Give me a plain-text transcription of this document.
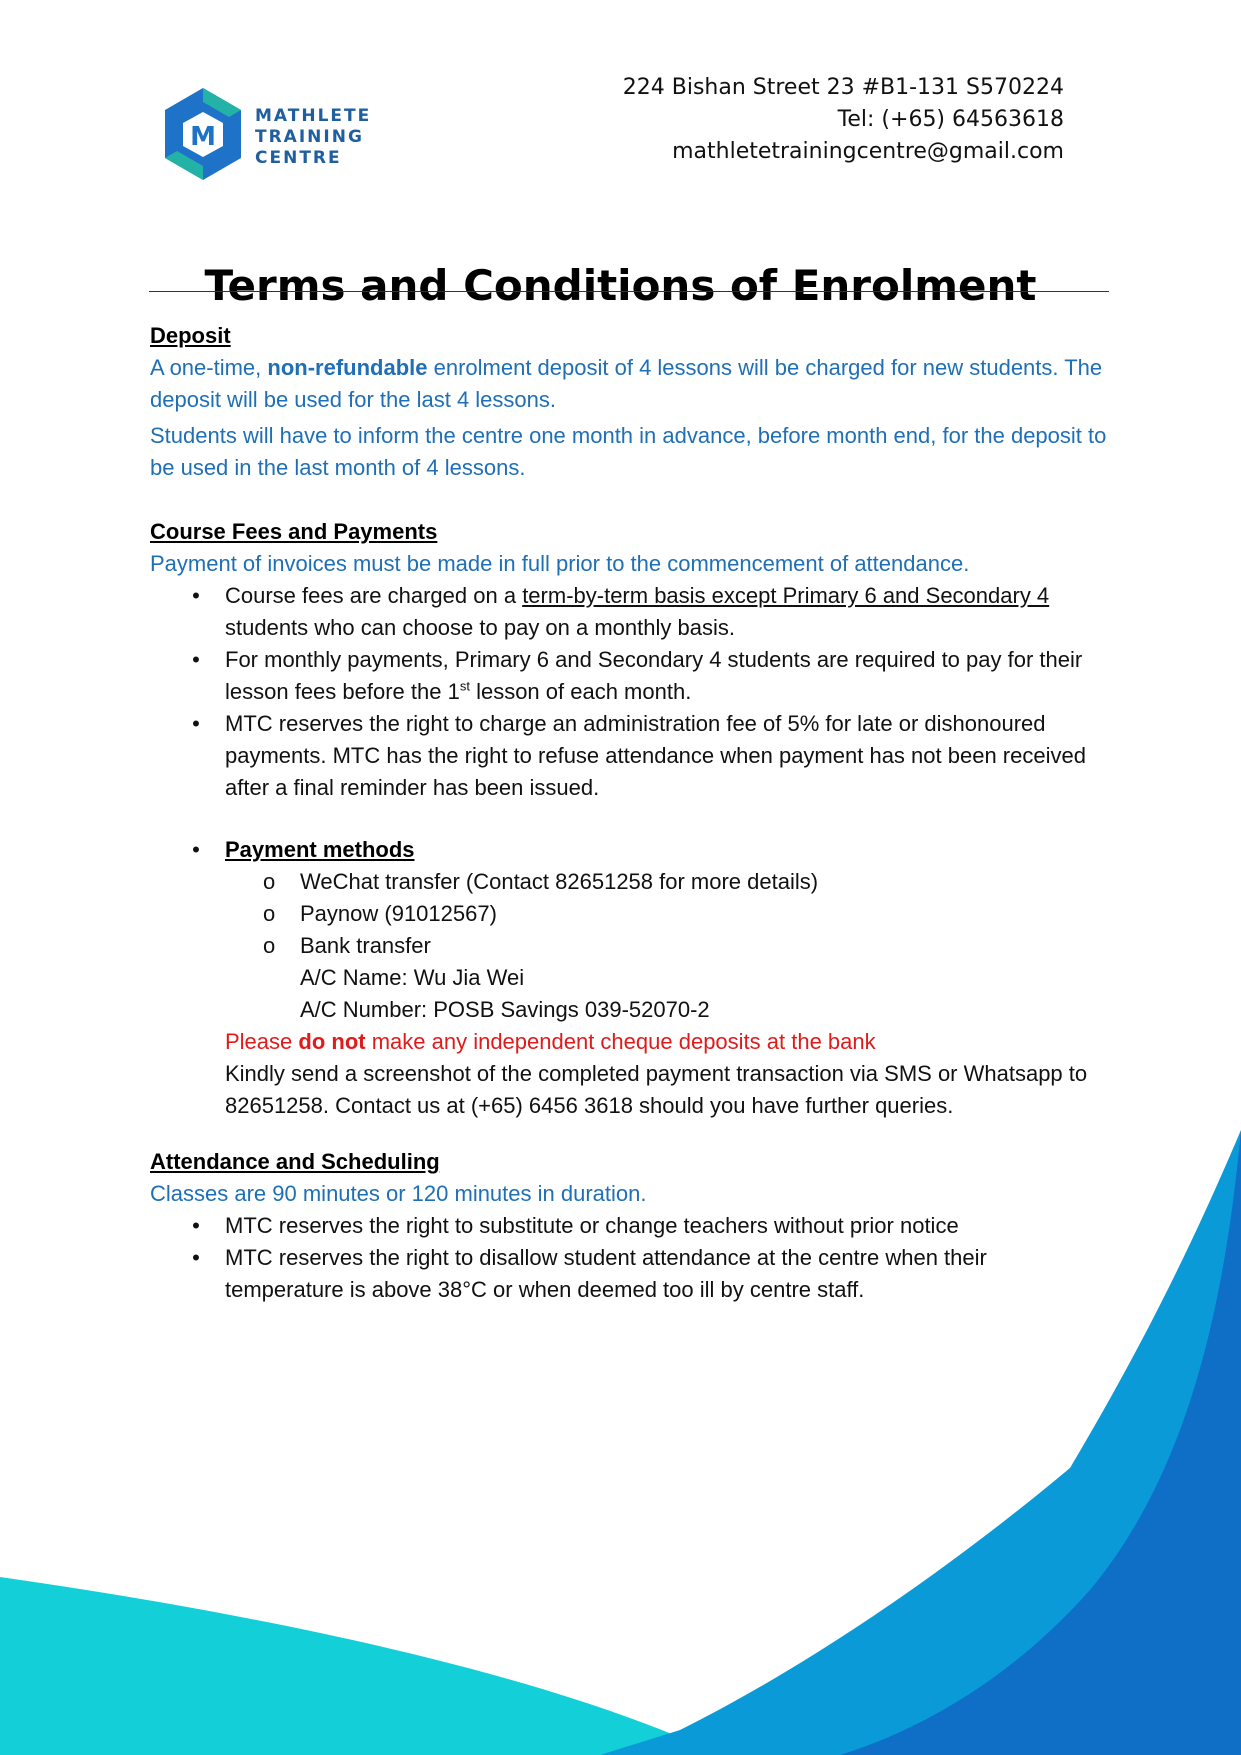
M
MATHLETE
TRAINING
CENTRE
224 Bishan Street 23 #B1-131 S570224
Tel: (+65) 64563618
mathletetrainingcentre@gmail.com
Terms and Conditions of Enrolment

Deposit

A one-time, non-refundable enrolment deposit of 4 lessons will be charged for new students. The deposit will be used for the last 4 lessons.

Students will have to inform the centre one month in advance, before month end, for the deposit to be used in the last month of 4 lessons.

Course Fees and Payments

Payment of invoices must be made in full prior to the commencement of attendance.

• Course fees are charged on a term-by-term basis except Primary 6 and Secondary 4 students who can choose to pay on a monthly basis.
• For monthly payments, Primary 6 and Secondary 4 students are required to pay for their lesson fees before the 1st lesson of each month.
• MTC reserves the right to charge an administration fee of 5% for late or dishonoured payments. MTC has the right to refuse attendance when payment has not been received after a final reminder has been issued.
• Payment methods
o WeChat transfer (Contact 82651258 for more details)
o Paynow (91012567)
o Bank transfer
A/C Name: Wu Jia Wei
A/C Number: POSB Savings 039-52070-2
Please do not make any independent cheque deposits at the bank
Kindly send a screenshot of the completed payment transaction via SMS or Whatsapp to 82651258. Contact us at (+65) 6456 3618 should you have further queries.

Attendance and Scheduling

Classes are 90 minutes or 120 minutes in duration.

• MTC reserves the right to substitute or change teachers without prior notice
• MTC reserves the right to disallow student attendance at the centre when their temperature is above 38°C or when deemed too ill by centre staff.
